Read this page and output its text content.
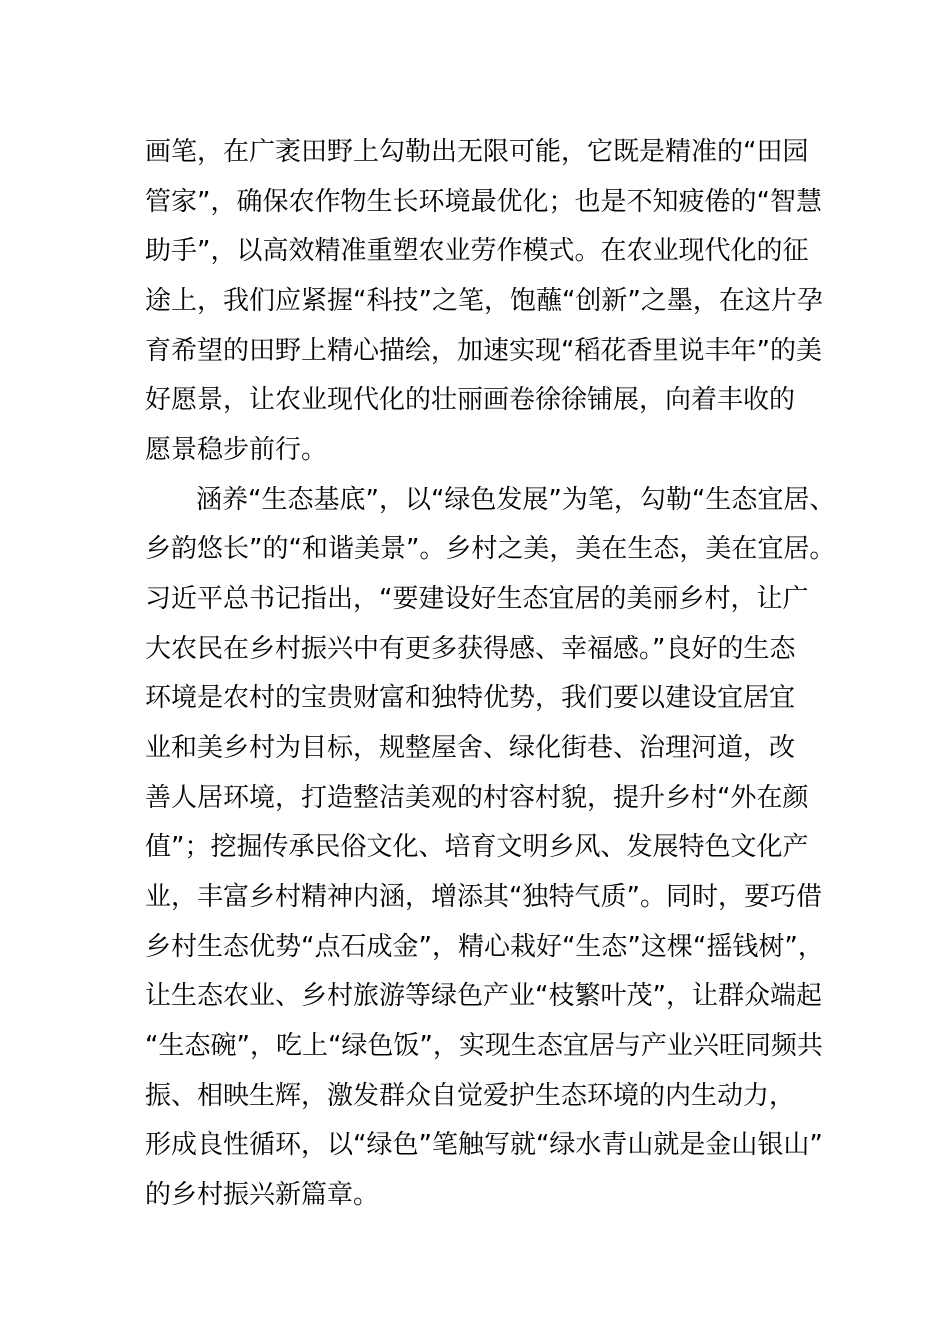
画笔，在广袤田野上勾勒出无限可能，它既是精准的“田园
管家”，确保农作物生长环境最优化；也是不知疲倦的“智慧
助手”，以高效精准重塑农业劳作模式。在农业现代化的征
途上，我们应紧握“科技”之笔，饱蘸“创新”之墨，在这片孕
育希望的田野上精心描绘，加速实现“稻花香里说丰年”的美
好愿景，让农业现代化的壮丽画卷徐徐铺展，向着丰收的
愿景稳步前行。
涵养“生态基底”，以“绿色发展”为笔，勾勒“生态宜居、
乡韵悠长”的“和谐美景”。乡村之美，美在生态，美在宜居。
习近平总书记指出，“要建设好生态宜居的美丽乡村，让广
大农民在乡村振兴中有更多获得感、幸福感。”良好的生态
环境是农村的宝贵财富和独特优势，我们要以建设宜居宜
业和美乡村为目标，规整屋舍、绿化街巷、治理河道，改
善人居环境，打造整洁美观的村容村貌，提升乡村“外在颜
值”；挖掘传承民俗文化、培育文明乡风、发展特色文化产
业，丰富乡村精神内涵，增添其“独特气质”。同时，要巧借
乡村生态优势“点石成金”，精心栽好“生态”这棵“摇钱树”，
让生态农业、乡村旅游等绿色产业“枝繁叶茂”，让群众端起
“生态碗”，吃上“绿色饭”，实现生态宜居与产业兴旺同频共
振、相映生辉，激发群众自觉爱护生态环境的内生动力，
形成良性循环，以“绿色”笔触写就“绿水青山就是金山银山”
的乡村振兴新篇章。
